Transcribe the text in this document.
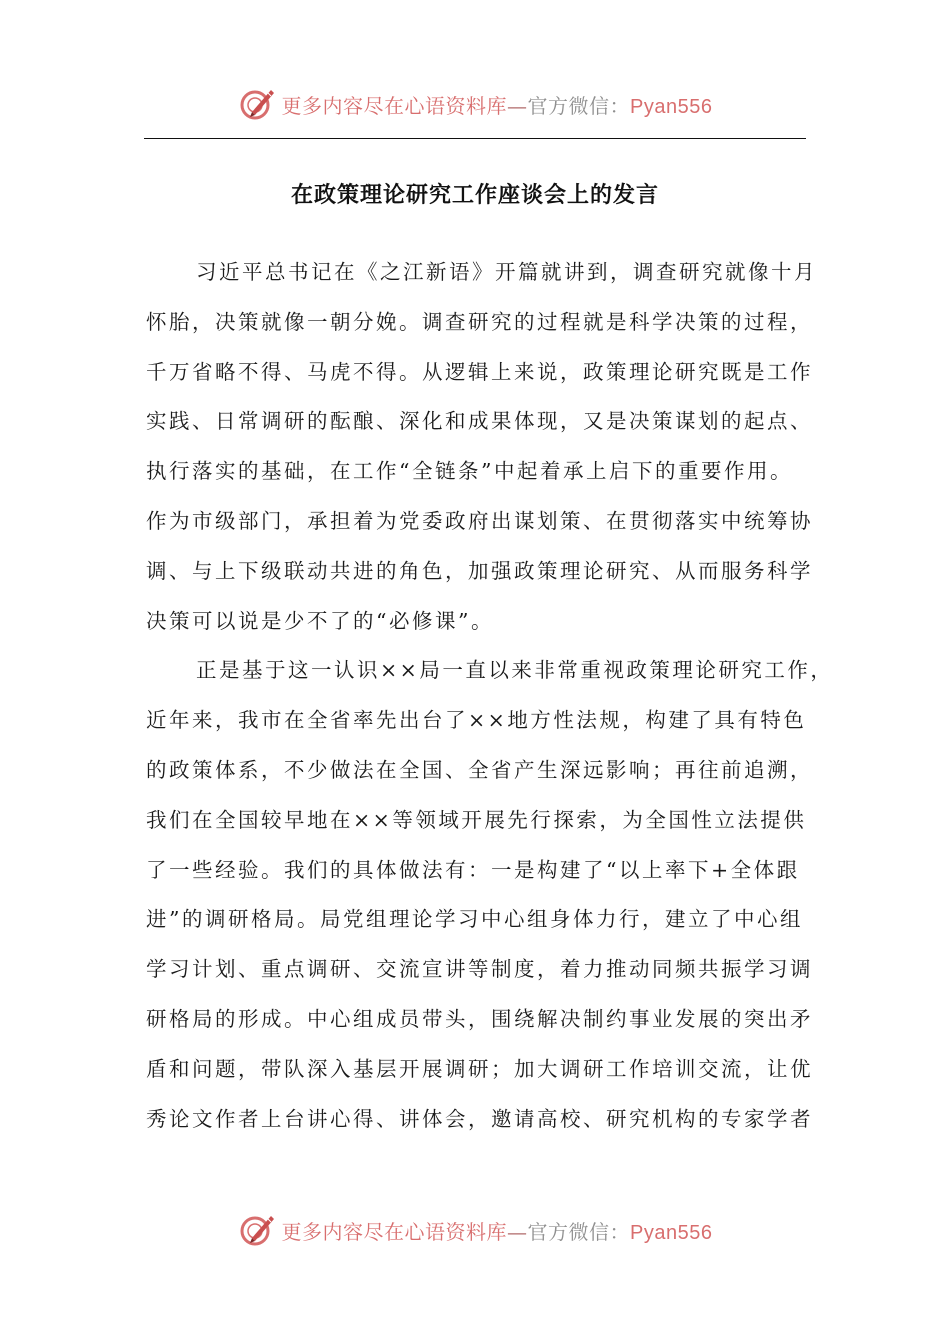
更多内容尽在心语资料库—官方微信：Pyan556
在政策理论研究工作座谈会上的发言
习近平总书记在《之江新语》开篇就讲到，调查研究就像十月
怀胎，决策就像一朝分娩。调查研究的过程就是科学决策的过程，
千万省略不得、马虎不得。从逻辑上来说，政策理论研究既是工作
实践、日常调研的酝酿、深化和成果体现，又是决策谋划的起点、
执行落实的基础，在工作“全链条”中起着承上启下的重要作用。
作为市级部门，承担着为党委政府出谋划策、在贯彻落实中统筹协
调、与上下级联动共进的角色，加强政策理论研究、从而服务科学
决策可以说是少不了的“必修课”。
正是基于这一认识××局一直以来非常重视政策理论研究工作，
近年来，我市在全省率先出台了××地方性法规，构建了具有特色
的政策体系，不少做法在全国、全省产生深远影响；再往前追溯，
我们在全国较早地在××等领域开展先行探索，为全国性立法提供
了一些经验。我们的具体做法有：一是构建了“以上率下+全体跟
进”的调研格局。局党组理论学习中心组身体力行，建立了中心组
学习计划、重点调研、交流宣讲等制度，着力推动同频共振学习调
研格局的形成。中心组成员带头，围绕解决制约事业发展的突出矛
盾和问题，带队深入基层开展调研；加大调研工作培训交流，让优
秀论文作者上台讲心得、讲体会，邀请高校、研究机构的专家学者
更多内容尽在心语资料库—官方微信：Pyan556
